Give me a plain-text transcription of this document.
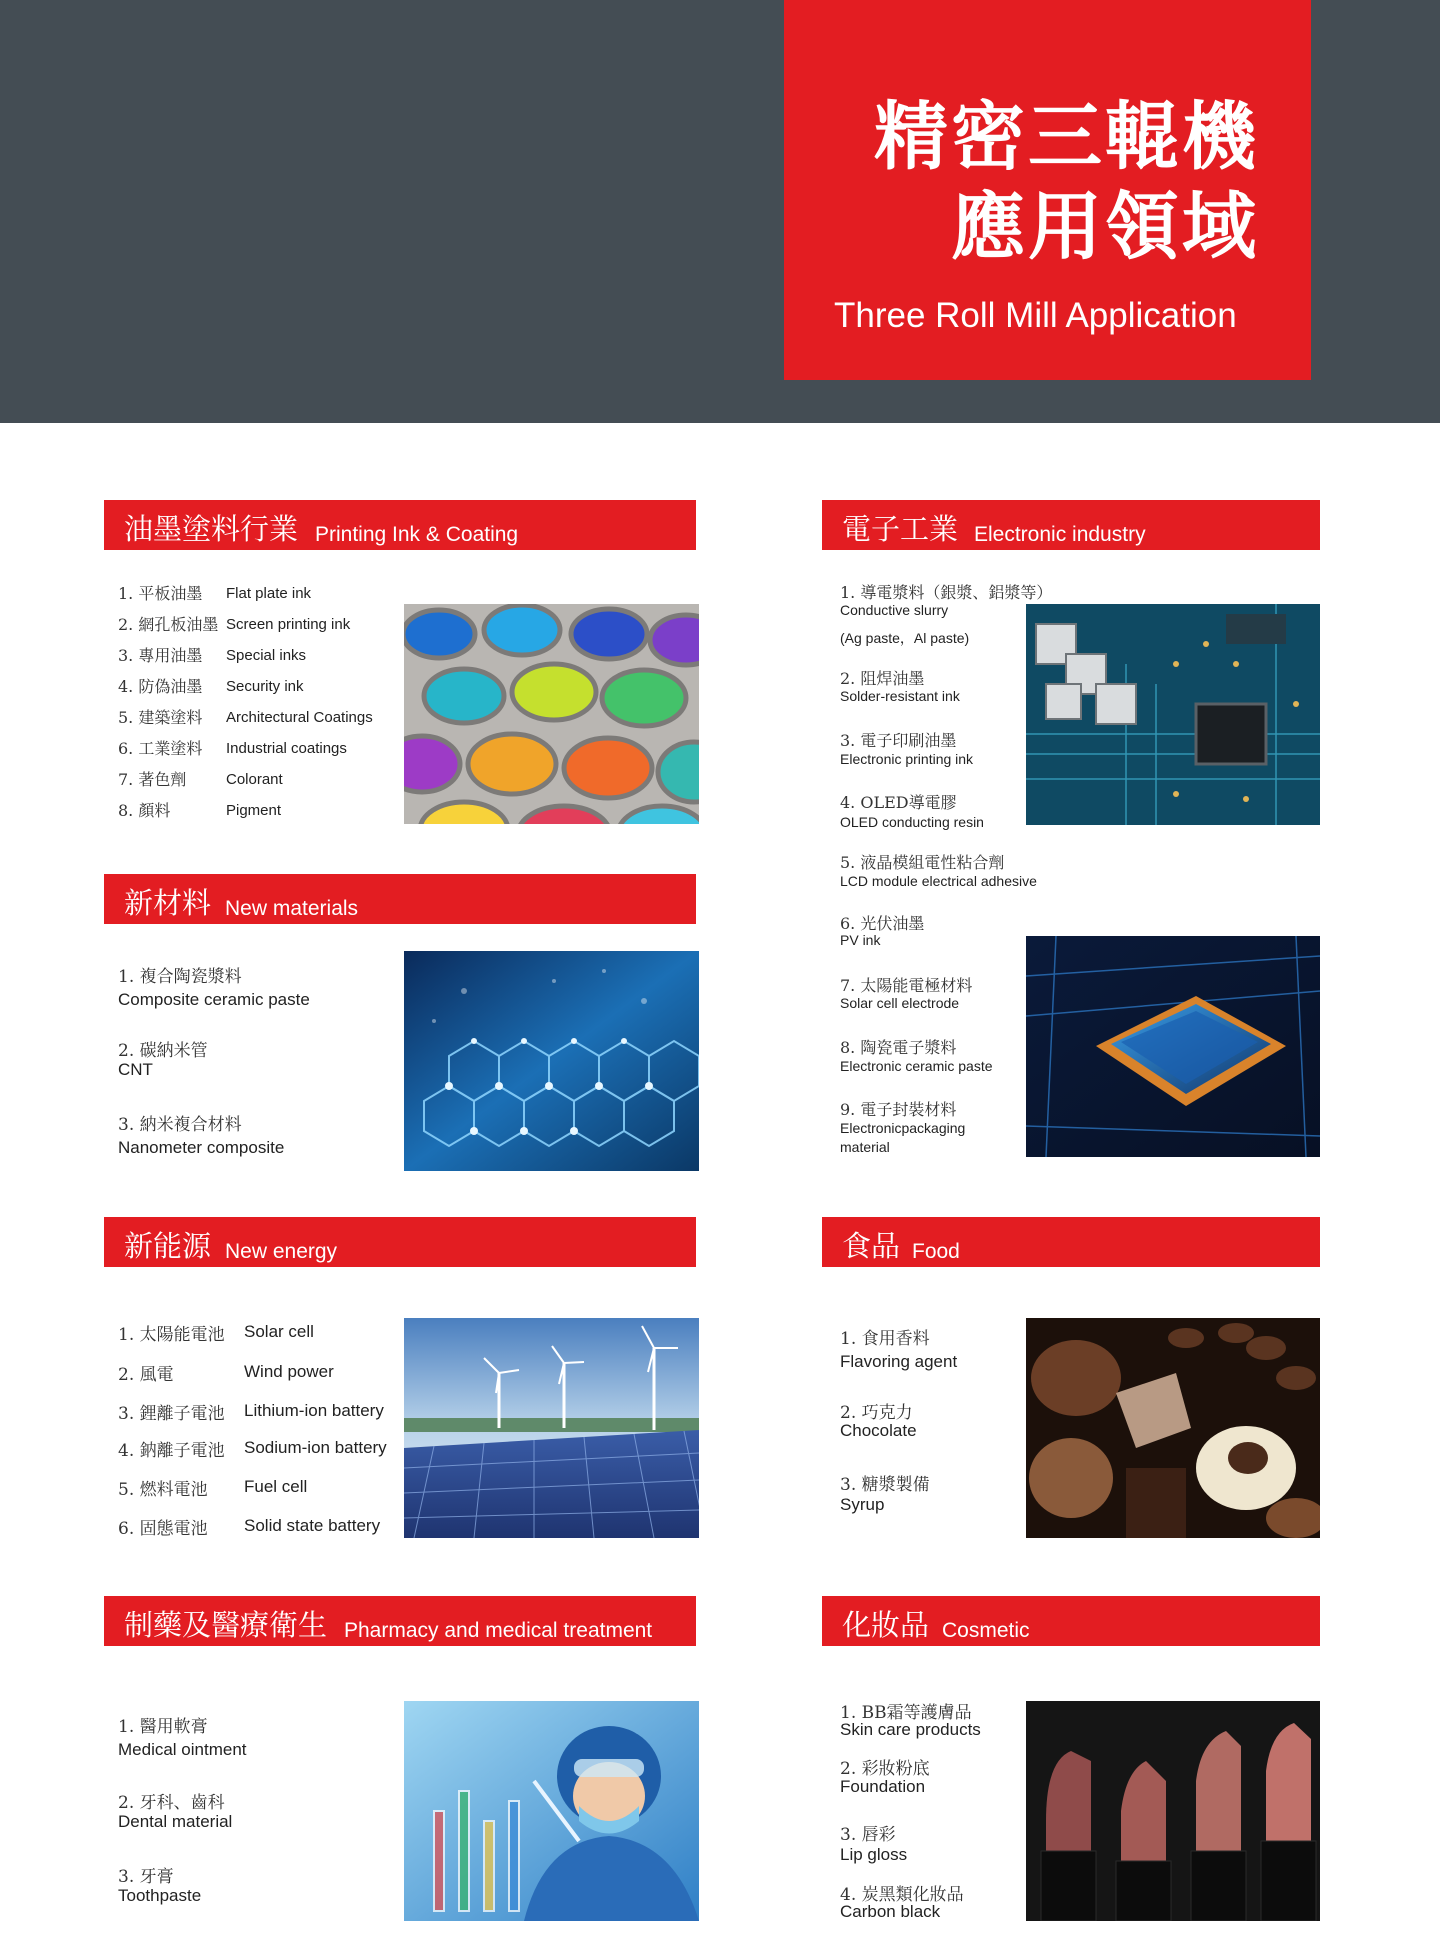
精密三輥機
應用領域
Three Roll Mill Application
油墨塗料行業 Printing Ink & Coating
1. 平板油墨 Flat plate ink
2. 網孔板油墨 Screen printing ink
3. 專用油墨 Special inks
4. 防偽油墨 Security ink
5. 建築塗料 Architectural Coatings
6. 工業塗料 Industrial coatings
7. 著色劑	Colorant
8. 顏料	Pigment
新材料 New materials
1. 複合陶瓷漿料
Composite ceramic paste
2. 碳納米管
CNT
3. 納米複合材料
Nanometer composite
新能源 New energy
1. 太陽能電池 Solar cell
2. 風電	Wind power
3. 鋰離子電池 Lithium-ion battery
4. 鈉離子電池 Sodium-ion battery
5. 燃料電池 Fuel cell
6. 固態電池 Solid state battery
制藥及醫療衛生 Pharmacy and medical treatment
1. 醫用軟膏
Medical ointment
2. 牙科、齒科
Dental material
3. 牙膏
Toothpaste
電子工業 Electronic industry
1. 導電漿料（銀漿、鋁漿等）
Conductive slurry
(Ag paste，Al paste)
2. 阻焊油墨
Solder-resistant ink
3. 電子印刷油墨
Electronic printing ink
4. OLED導電膠
OLED conducting resin
5. 液晶模組電性粘合劑
LCD module electrical adhesive
6. 光伏油墨
PV ink
7. 太陽能電極材料
Solar cell electrode
8. 陶瓷電子漿料
Electronic ceramic paste
9. 電子封裝材料
Electronicpackaging
material
食品 Food
1. 食用香料
Flavoring agent
2. 巧克力
Chocolate
3. 糖漿製備
Syrup
化妝品 Cosmetic
1. BB霜等護膚品
Skin care products
2. 彩妝粉底
Foundation
3. 唇彩
Lip gloss
4. 炭黑類化妝品
Carbon black
